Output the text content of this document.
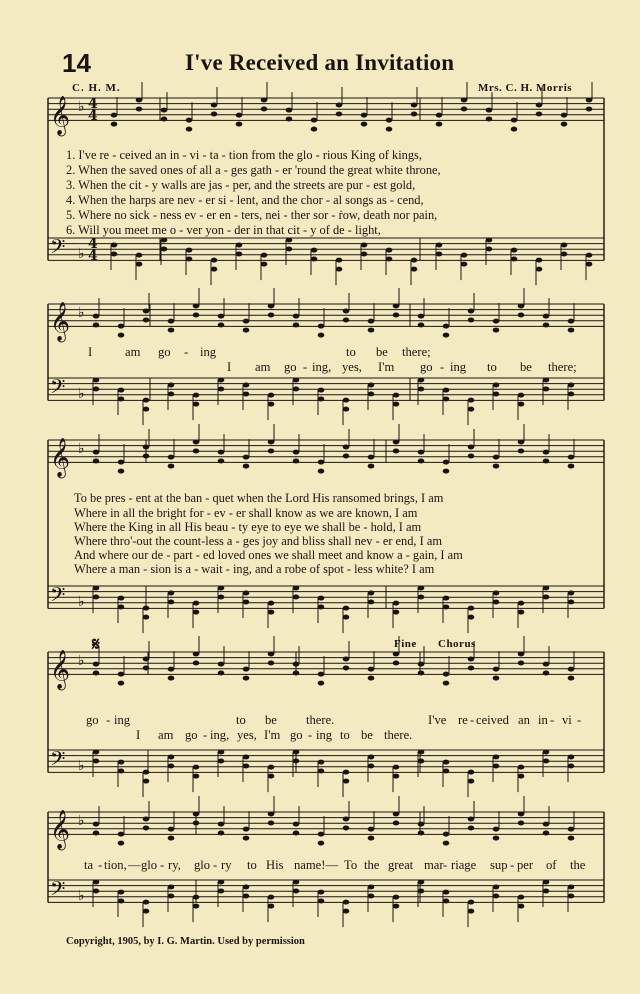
14	I've Received an Invitation
C. H. M.	Mrs. C. H. Morris
𝄞 ♭
𝄢 ♭
𝄞 ♭
𝄢 ♭
𝄞 ♭
𝄢 ♭
𝄞 ♭
𝄢 ♭
𝄞 ♭
𝄢 ♭
4
4
4
4
1. I've re - ceived an in - vi - ta - tion from the glo - rious King of kings,
2. When the saved ones of all a - ges gath - er 'round the great white throne,
3. When the cit - y walls are jas - per, and the streets are pur - est gold,
4. When the harps are nev - er si - lent, and the chor - al songs as - cend,
5. Where no sick - ness ev - er en - ters, nei - ther sor - ṙow, death nor pain,
6. Will you meet me o - ver yon - der in that cit - y of de - light,
I	am go - ing	to be there;
I am go - ing, yes, I'm go - ing to be there;
To be pres - ent at the ban - quet when the Lord His ransomed brings, I am
Where in all the bright for - ev - er shall know as we are known, I am
Where the King in all His beau - ty eye to eye we shall be - hold, I am
Where thro'-out the count-less a - ges joy and bliss shall nev - er end, I am
And where our de - part - ed loved ones we shall meet and know a - gain, I am
Where a man - sion is a - wait - ing, and a robe of spot - less white? I am
𝄋	Fine Chorus
go - ing	to be there.	I've re - ceived an in - vi -
I am go - ing, yes, I'm go - ing to be there.
ta - tion, — glo - ry, glo - ry to His name!— To the great mar - riage sup - per of the
Copyright, 1905, by I. G. Martin. Used by permission
